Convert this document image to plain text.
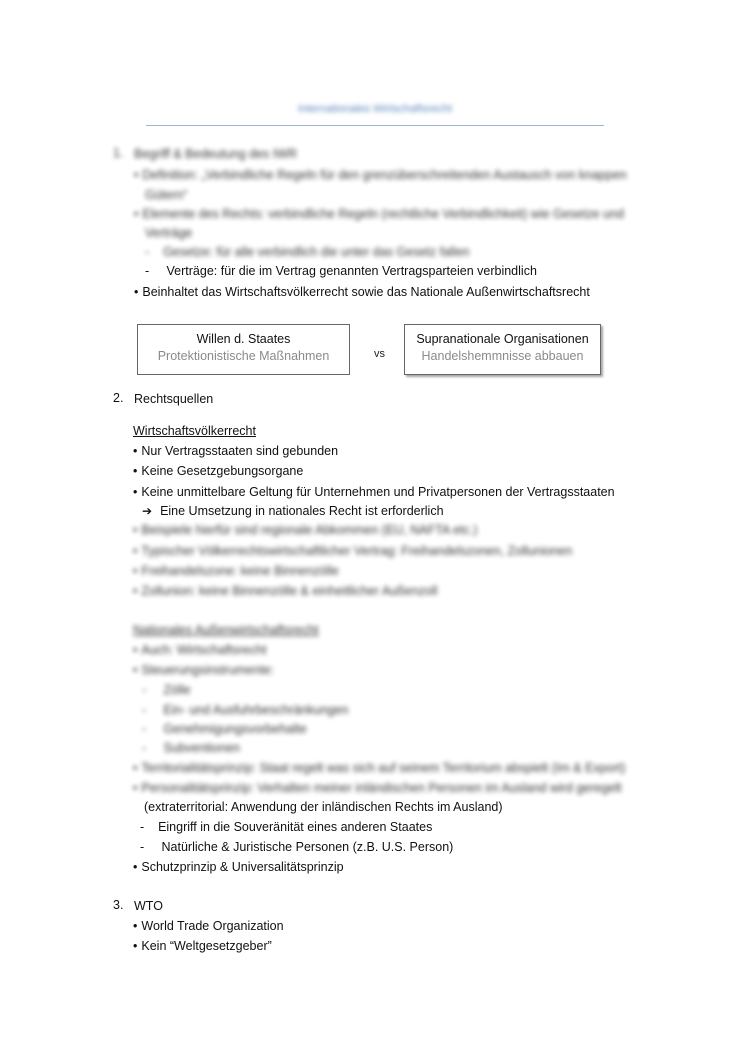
Internationales Wirtschaftsrecht
1. Begriff & Bedeutung des IWR
• Definition: „Verbindliche Regeln für den grenzüberschreitenden Austausch von knappen
Gütern“
• Elemente des Rechts: verbindliche Regeln (rechtliche Verbindlichkeit) wie Gesetze und
Verträge
-    Gesetze: für alle verbindlich die unter das Gesetz fallen
-     Verträge: für die im Vertrag genannten Vertragsparteien verbindlich
• Beinhaltet das Wirtschaftsvölkerrecht sowie das Nationale Außenwirtschaftsrecht
Willen d. Staates
Protektionistische Maßnahmen	vs
Supranationale Organisationen
Handelshemmnisse abbauen
2. Rechtsquellen
Wirtschaftsvölkerrecht
• Nur Vertragsstaaten sind gebunden
• Keine Gesetzgebungsorgane
• Keine unmittelbare Geltung für Unternehmen und Privatpersonen der Vertragsstaaten
➔ Eine Umsetzung in nationales Recht ist erforderlich
• Beispiele hierfür sind regionale Abkommen (EU, NAFTA etc.)
• Typischer Völkerrechtswirtschaftlicher Vertrag: Freihandelszonen, Zollunionen
• Freihandelszone: keine Binnenzölle
• Zollunion: keine Binnenzölle & einheitlicher Außenzoll
Nationales Außenwirtschaftsrecht
• Auch: Wirtschaftsrecht
• Steuerungsinstrumente:
-     Zölle
-     Ein- und Ausfuhrbeschränkungen
-     Genehmigungsvorbehalte
-     Subventionen
• Territorialitätsprinzip: Staat regelt was sich auf seinem Territorium abspielt (Im & Export)
• Personalitätsprinzip: Verhalten meiner inländischen Personen im Ausland wird geregelt
(extraterritorial: Anwendung der inländischen Rechts im Ausland)
-    Eingriff in die Souveränität eines anderen Staates
-     Natürliche & Juristische Personen (z.B. U.S. Person)
• Schutzprinzip & Universalitätsprinzip
3. WTO
• World Trade Organization
• Kein “Weltgesetzgeber”
